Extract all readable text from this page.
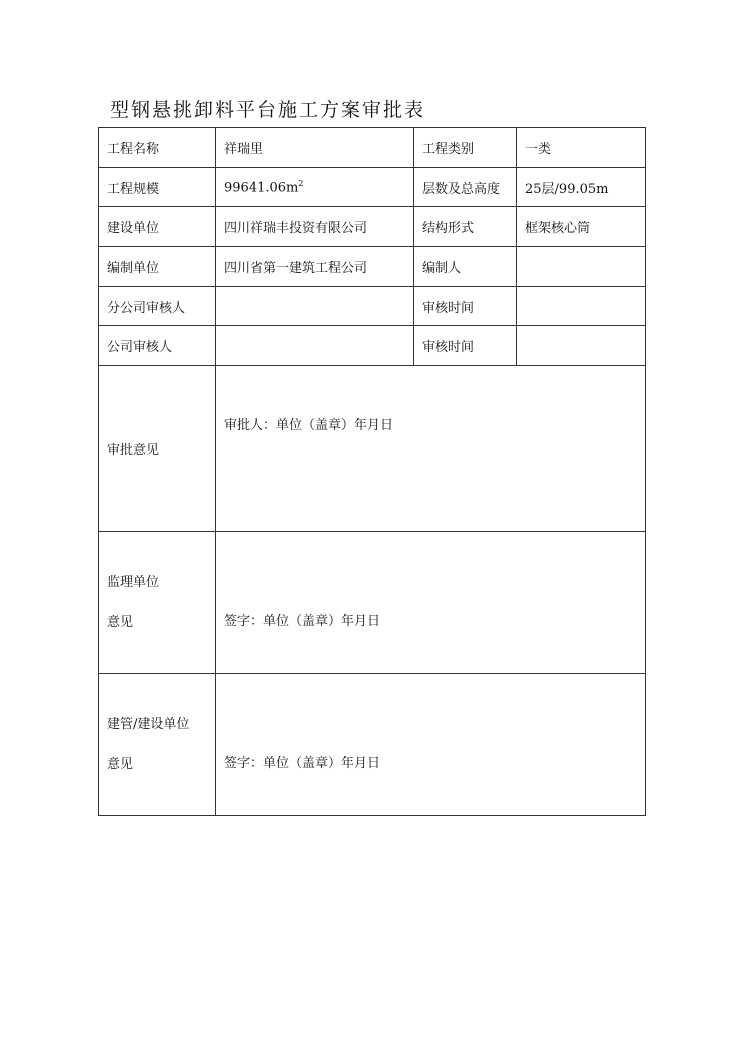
型钢悬挑卸料平台施工方案审批表
工程名称	祥瑞里	工程类别	一类
工程规模	$99641.06m^2$	层数及总高度	25层/99.05m
建设单位	四川祥瑞丰投资有限公司	结构形式	框架核心筒
编制单位	四川省第一建筑工程公司	编制人	
分公司审核人		审核时间	
公司审核人		审核时间	
审批意见	审批人：单位（盖章）年月日		

监理单位
意见	签字：单位（盖章）年月日		

建管/建设单位
意见	签字：单位（盖章）年月日		
